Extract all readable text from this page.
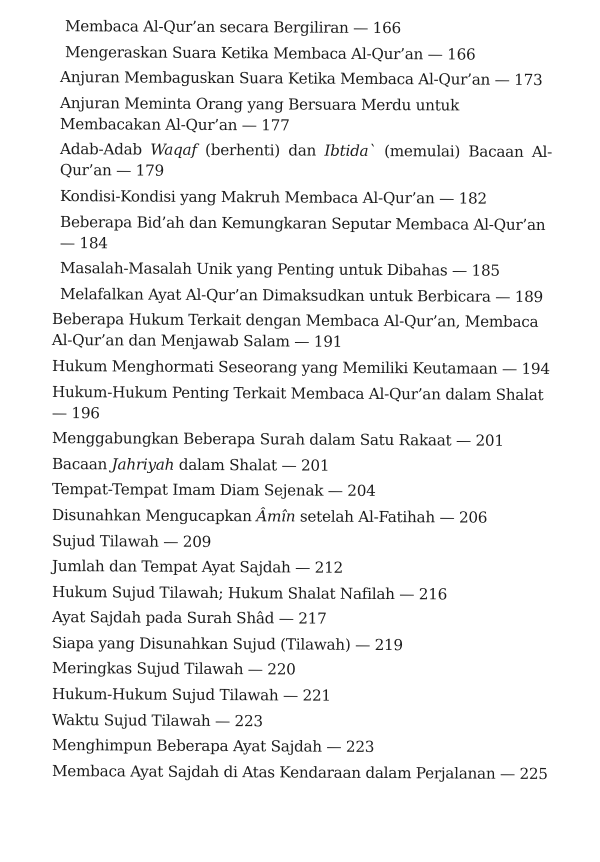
Membaca Al-Qur’an secara Bergiliran — 166
Mengeraskan Suara Ketika Membaca Al-Qur’an — 166
Anjuran Membaguskan Suara Ketika Membaca Al-Qur’an — 173
Anjuran Meminta Orang yang Bersuara Merdu untuk Membacakan Al-Qur’an — 177
Adab-Adab Waqaf (berhenti) dan Ibtida` (memulai) Bacaan Al-Qur’an — 179
Kondisi-Kondisi yang Makruh Membaca Al-Qur’an — 182
Beberapa Bid’ah dan Kemungkaran Seputar Membaca Al-Qur’an — 184
Masalah-Masalah Unik yang Penting untuk Dibahas — 185
Melafalkan Ayat Al-Qur’an Dimaksudkan untuk Berbicara — 189
Beberapa Hukum Terkait dengan Membaca Al-Qur’an, Membaca Al-Qur’an dan Menjawab Salam — 191
Hukum Menghormati Seseorang yang Memiliki Keutamaan — 194
Hukum-Hukum Penting Terkait Membaca Al-Qur’an dalam Shalat — 196
Menggabungkan Beberapa Surah dalam Satu Rakaat — 201
Bacaan Jahriyah dalam Shalat — 201
Tempat-Tempat Imam Diam Sejenak — 204
Disunahkan Mengucapkan Âmîn setelah Al-Fatihah — 206
Sujud Tilawah — 209
Jumlah dan Tempat Ayat Sajdah — 212
Hukum Sujud Tilawah; Hukum Shalat Nafilah — 216
Ayat Sajdah pada Surah Shâd — 217
Siapa yang Disunahkan Sujud (Tilawah) — 219
Meringkas Sujud Tilawah — 220
Hukum-Hukum Sujud Tilawah — 221
Waktu Sujud Tilawah — 223
Menghimpun Beberapa Ayat Sajdah — 223
Membaca Ayat Sajdah di Atas Kendaraan dalam Perjalanan — 225
